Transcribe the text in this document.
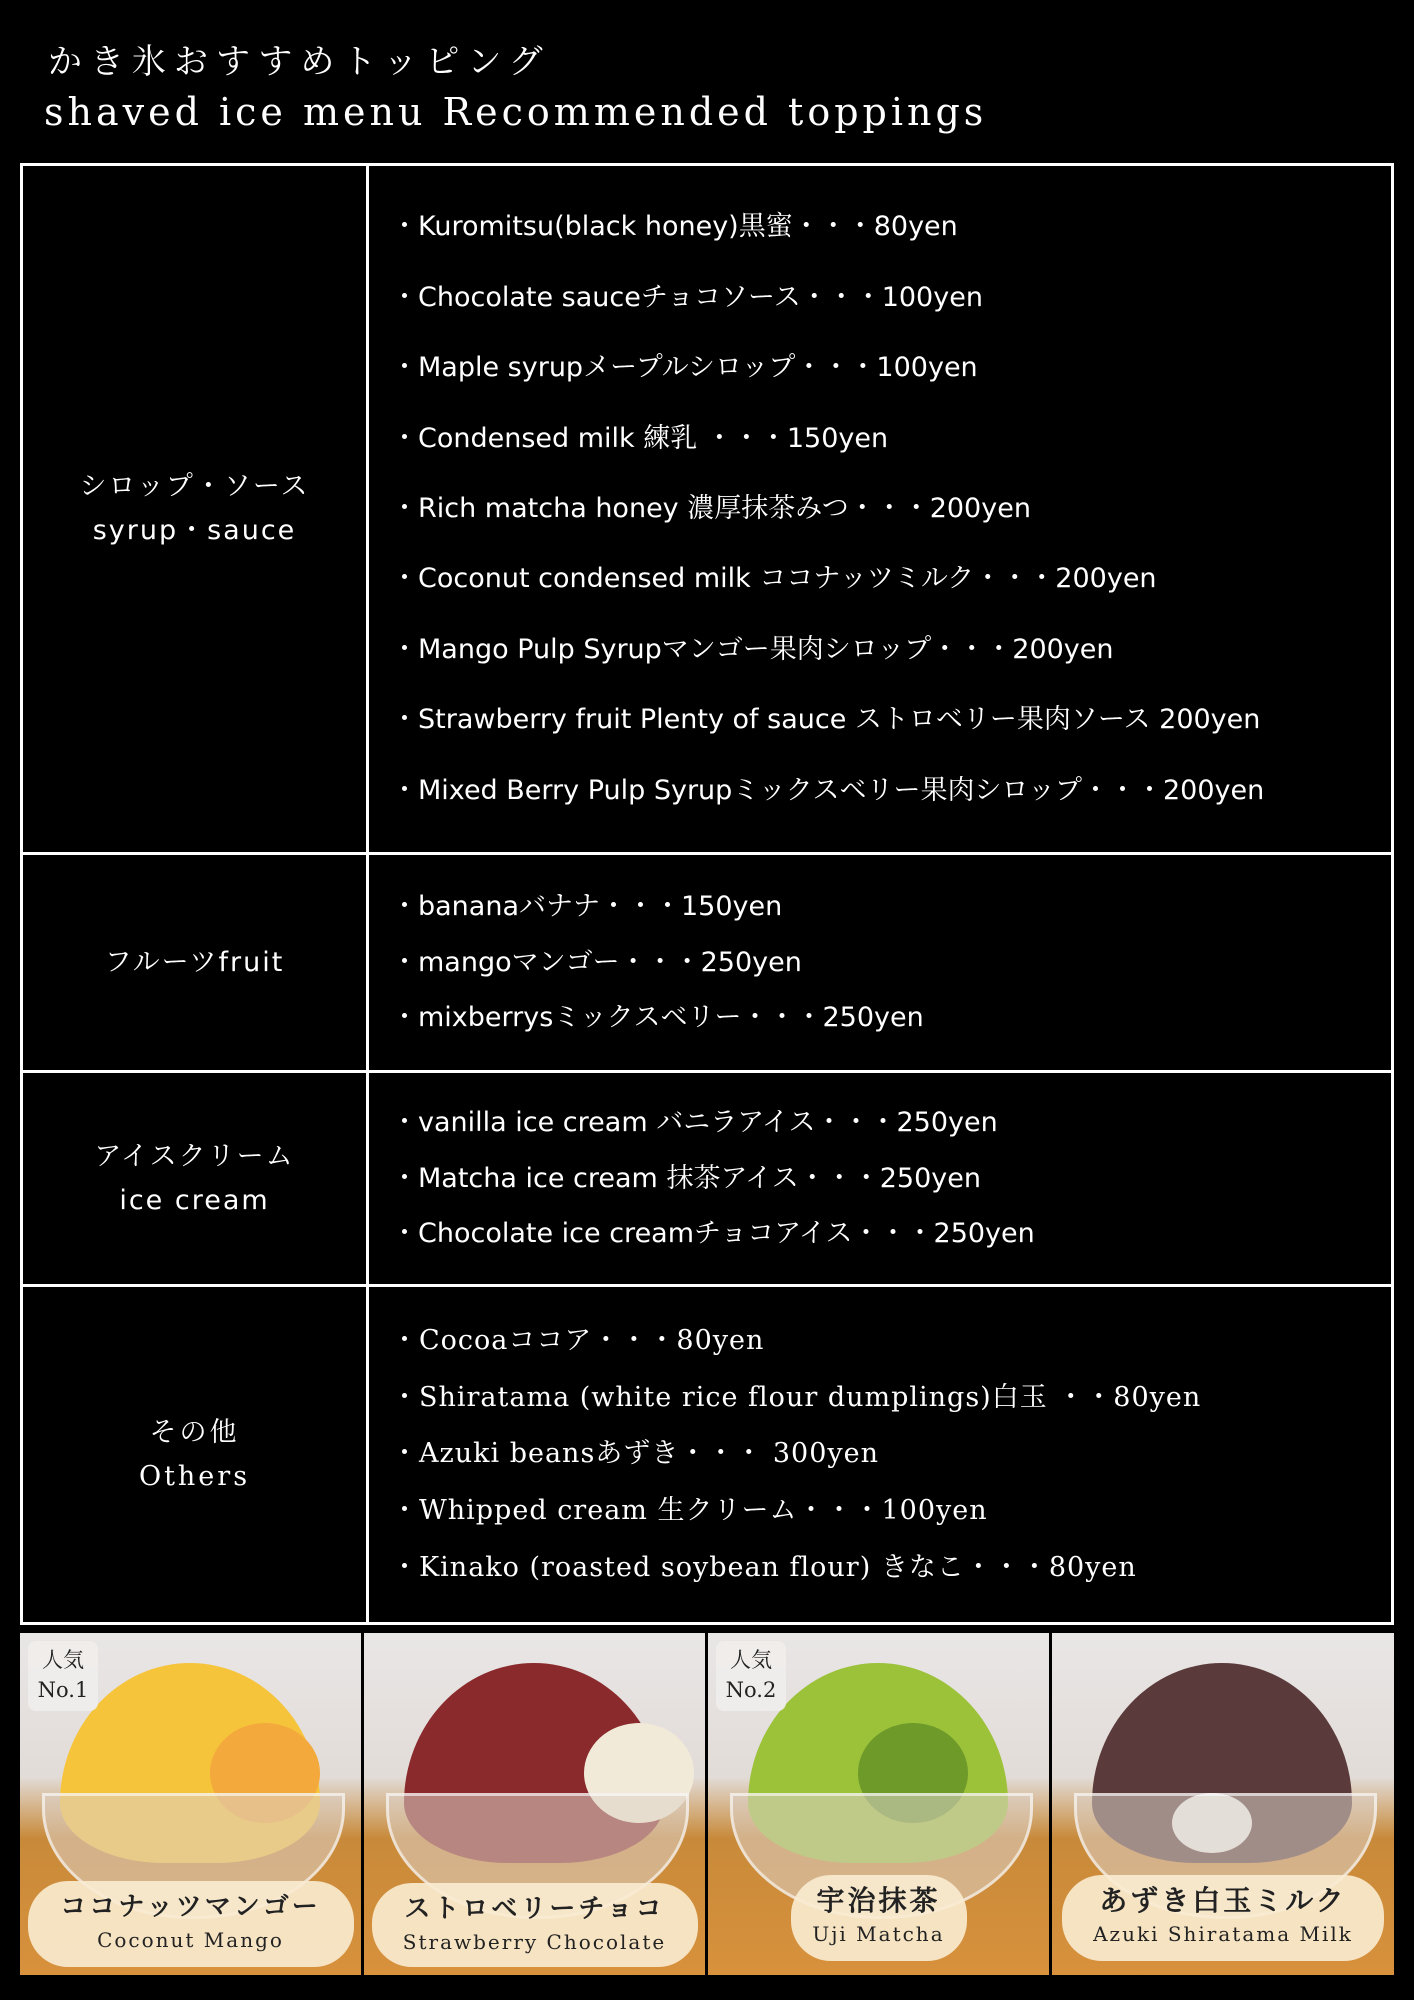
かき氷おすすめトッピング
shaved ice menu Recommended toppings
シロップ・ソース
syrup・sauce
・Kuromitsu(black honey)黒蜜・・・80yen
・Chocolate sauceチョコソース・・・100yen
・Maple syrupメープルシロップ・・・100yen
・Condensed milk 練乳 ・・・150yen
・Rich matcha honey 濃厚抹茶みつ・・・200yen
・Coconut condensed milk ココナッツミルク・・・200yen
・Mango Pulp Syrupマンゴー果肉シロップ・・・200yen
・Strawberry fruit Plenty of sauce ストロベリー果肉ソース 200yen
・Mixed Berry Pulp Syrupミックスベリー果肉シロップ・・・200yen
フルーツfruit
・bananaバナナ・・・150yen
・mangoマンゴー・・・250yen
・mixberrysミックスベリー・・・250yen
アイスクリーム
ice cream
・vanilla ice cream バニラアイス・・・250yen
・Matcha ice cream 抹茶アイス・・・250yen
・Chocolate ice creamチョコアイス・・・250yen
その他
Others
・Cocoaココア・・・80yen
・Shiratama (white rice flour dumplings)白玉 ・・80yen
・Azuki beansあずき・・・ 300yen
・Whipped cream 生クリーム・・・100yen
・Kinako (roasted soybean flour) きなこ・・・80yen
人気
No.1
ココナッツマンゴー
Coconut Mango
ストロベリーチョコ
Strawberry Chocolate
人気
No.2
宇治抹茶
Uji Matcha
あずき白玉ミルク
Azuki Shiratama Milk
